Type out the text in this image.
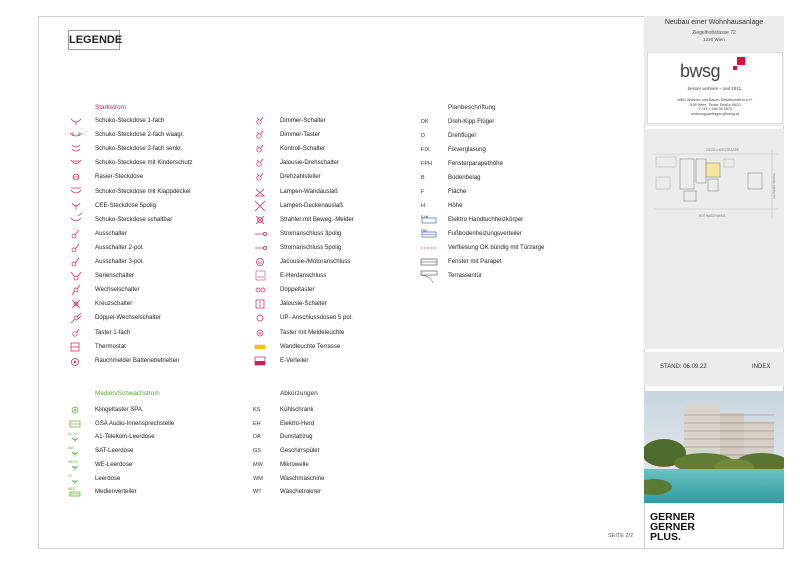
LEGENDE
Starkstrom
Schuko-Steckdose 1-fach
Schuko-Steckdose 2-fach waagr.
Schuko-Steckdose 2-fach senkr.
Schuko-Steckdose mit Kinderschutz
Rasier-Steckdose
Schuko-Steckdose mit Klappdeckel
CEE-Steckdose 5polig
Schuko-Steckdose schaltbar
Ausschalter
Ausschalter 2-pol.
Ausschalter 3-pol.
Serienschalter
Wechselschalter
Kreuzschalter
Doppel-Wechselschalter
Taster 1-fach
Thermostat
Rauchmelder Batteriebetrieben
Dimmer-Schalter
Dimmer-Taster
Kontroll-Schalter
Jalousie-Drehschalter
Drehzahlsteller
Lampen-Wandauslaß
Lampen-Deckenauslaß
Strahler mit Beweg.-Melder
Stromanschluss 3polig
Stromanschluss 5polig
M	Jacousie-/Motoranschluss
E-Herdanschluss
Doppeltaster
Jalousie-Schalter
UP- Anschlussdosen 5 pol.
Taster mit Meldeleuchte
Wandleuchte Terrasse
E-Verteiler
Medien/Schwachstrom
Klingeltaster SPA
GSA Audio-Innensprechstelle
A1-TV	A1-Telekom-Leerdose
SAT	SAT-Leerdose
WE-LE	WE-Leerdose
LE	Leerdose
MED	Medienverteiler
Abkürzungen
KS	Kühlschrank
EH	Elektro-Herd
DA	Dunstabzug
GS	Geschirrspüler
MW	Mikrowelle
WM	Waschmaschine
WT	Wäschetrokner
Planbeschriftung
DK	Dreh-Kipp Flügel
D	Drehflügel
FIX	Fixverglasung
FPH	Fensterparapethöhe
B	Bodenbelag
F	Fläche
H	Höhe
E-HK	Elektro Handtuchheizkörper
FBH	Fußbodenheizungsverteiler
Verfliesung OK bündig mit Türzarge
Fenster mit Parapet
Terrassentür
Neubau einer Wohnhausanlage
Ziegelhofstrasse 72
1220 Wien
bwsg
besser wohnen – seit 1911.
WBG Wohnen und Bauen Gesellschaft m.b.H.
1150 Wien, Tiroler Straße 68/31
T +43 1 546 08 5570
wohnungsanfragen@bwsg.at
ZIEGELHOFSTRASSE
ROTHAIDENWEG
LEHNERSTRASSE
STAND: 06.09.22	INDEX
GERNER
GERNER
PLUS.
SEITE 2/2
